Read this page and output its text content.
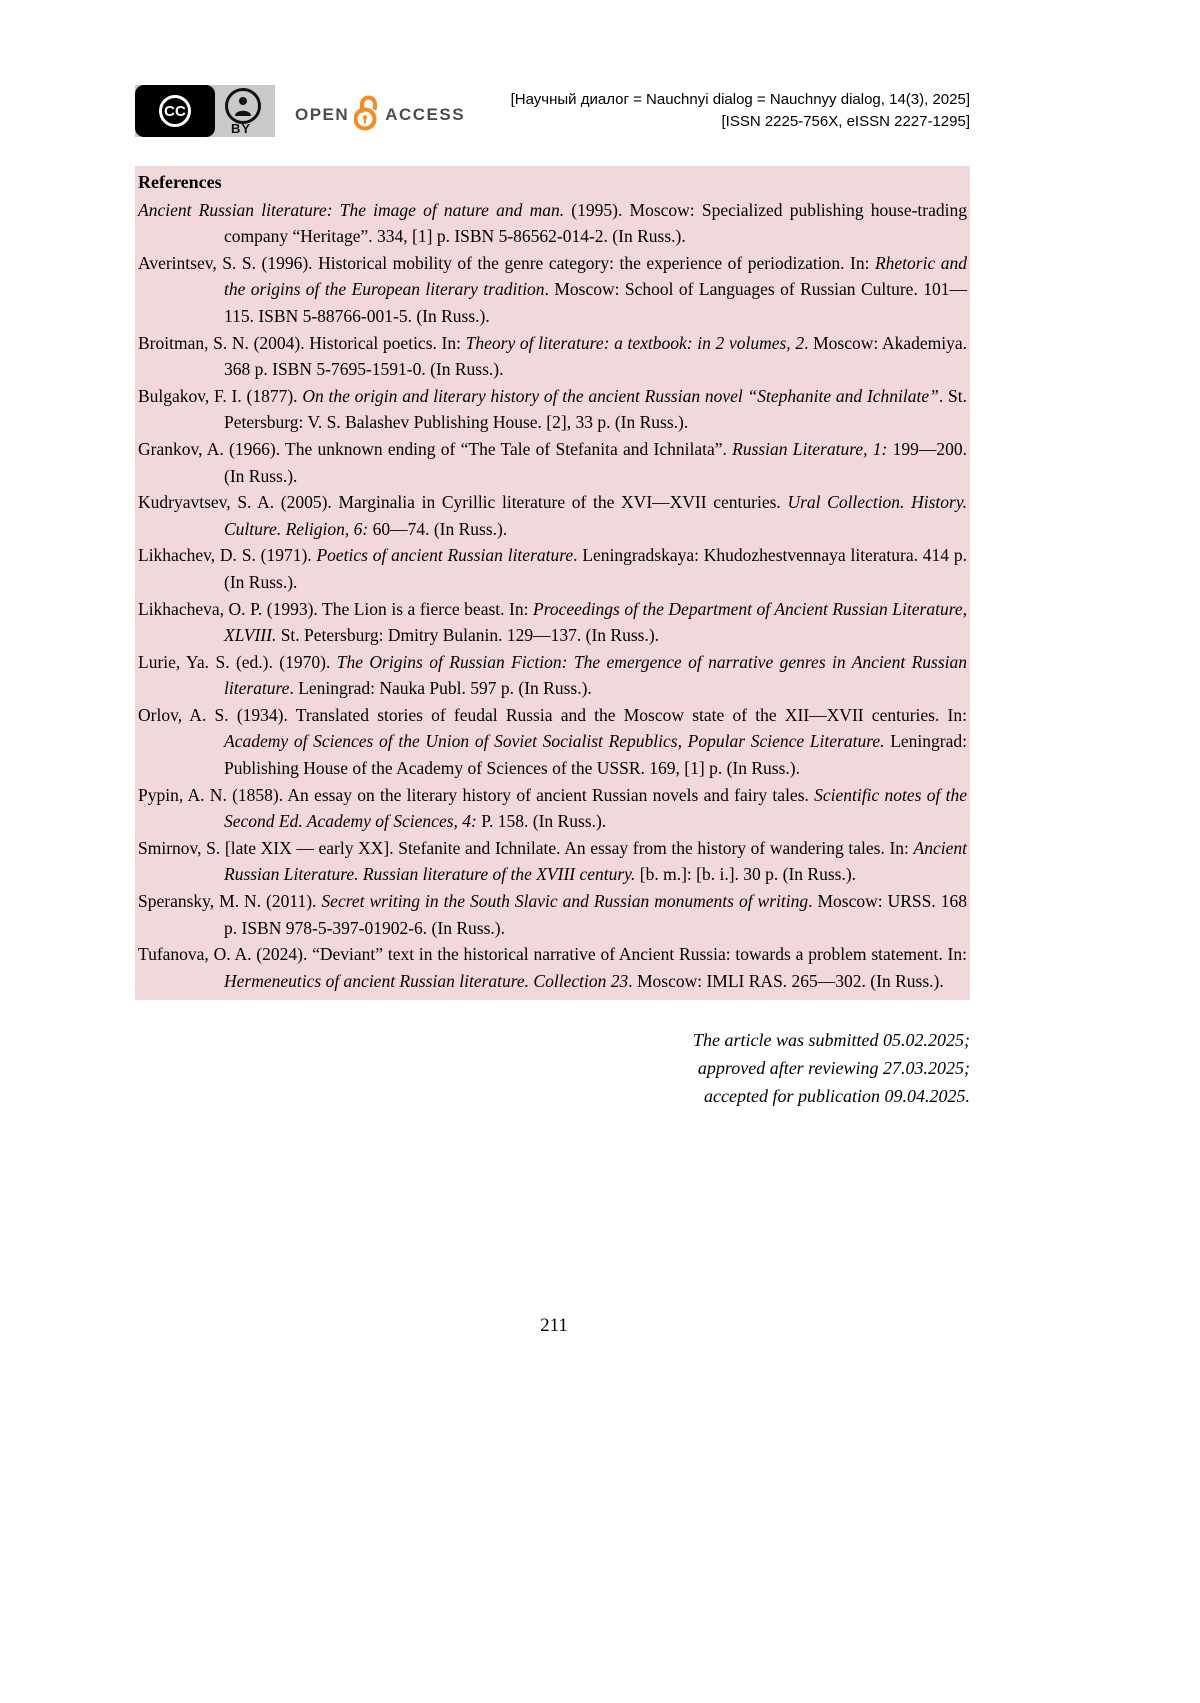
CC
BY
OPEN ACCESS
[Научный диалог = Nauchnyi dialog = Nauchnyy dialog, 14(3), 2025]
[ISSN 2225-756X, eISSN 2227-1295]
References

Ancient Russian literature: The image of nature and man. (1995). Moscow: Specialized publishing house-trading company “Heritage”. 334, [1] p. ISBN 5-86562-014-2. (In Russ.).

Averintsev, S. S. (1996). Historical mobility of the genre category: the experience of periodization. In: Rhetoric and the origins of the European literary tradition. Moscow: School of Languages of Russian Culture. 101—115. ISBN 5-88766-001-5. (In Russ.).

Broitman, S. N. (2004). Historical poetics. In: Theory of literature: a textbook: in 2 volumes, 2. Moscow: Akademiya. 368 p. ISBN 5-7695-1591-0. (In Russ.).

Bulgakov, F. I. (1877). On the origin and literary history of the ancient Russian novel “Stephanite and Ichnilate”. St. Petersburg: V. S. Balashev Publishing House. [2], 33 p. (In Russ.).

Grankov, A. (1966). The unknown ending of “The Tale of Stefanita and Ichnilata”. Russian Literature, 1: 199—200. (In Russ.).

Kudryavtsev, S. A. (2005). Marginalia in Cyrillic literature of the XVI—XVII centuries. Ural Collection. History. Culture. Religion, 6: 60—74. (In Russ.).

Likhachev, D. S. (1971). Poetics of ancient Russian literature. Leningradskaya: Khudozhestvennaya literatura. 414 p. (In Russ.).

Likhacheva, O. P. (1993). The Lion is a fierce beast. In: Proceedings of the Department of Ancient Russian Literature, XLVIII. St. Petersburg: Dmitry Bulanin. 129—137. (In Russ.).

Lurie, Ya. S. (ed.). (1970). The Origins of Russian Fiction: The emergence of narrative genres in Ancient Russian literature. Leningrad: Nauka Publ. 597 p. (In Russ.).

Orlov, A. S. (1934). Translated stories of feudal Russia and the Moscow state of the XII—XVII centuries. In: Academy of Sciences of the Union of Soviet Socialist Republics, Popular Science Literature. Leningrad: Publishing House of the Academy of Sciences of the USSR. 169, [1] p. (In Russ.).

Pypin, A. N. (1858). An essay on the literary history of ancient Russian novels and fairy tales. Scientific notes of the Second Ed. Academy of Sciences, 4: P. 158. (In Russ.).

Smirnov, S. [late XIX — early XX]. Stefanite and Ichnilate. An essay from the history of wandering tales. In: Ancient Russian Literature. Russian literature of the XVIII century. [b. m.]: [b. i.]. 30 p. (In Russ.).

Speransky, M. N. (2011). Secret writing in the South Slavic and Russian monuments of writing. Moscow: URSS. 168 p. ISBN 978-5-397-01902-6. (In Russ.).

Tufanova, O. A. (2024). “Deviant” text in the historical narrative of Ancient Russia: towards a problem statement. In: Hermeneutics of ancient Russian literature. Collection 23. Moscow: IMLI RAS. 265—302. (In Russ.).

The article was submitted 05.02.2025;
approved after reviewing 27.03.2025;
accepted for publication 09.04.2025.
211
